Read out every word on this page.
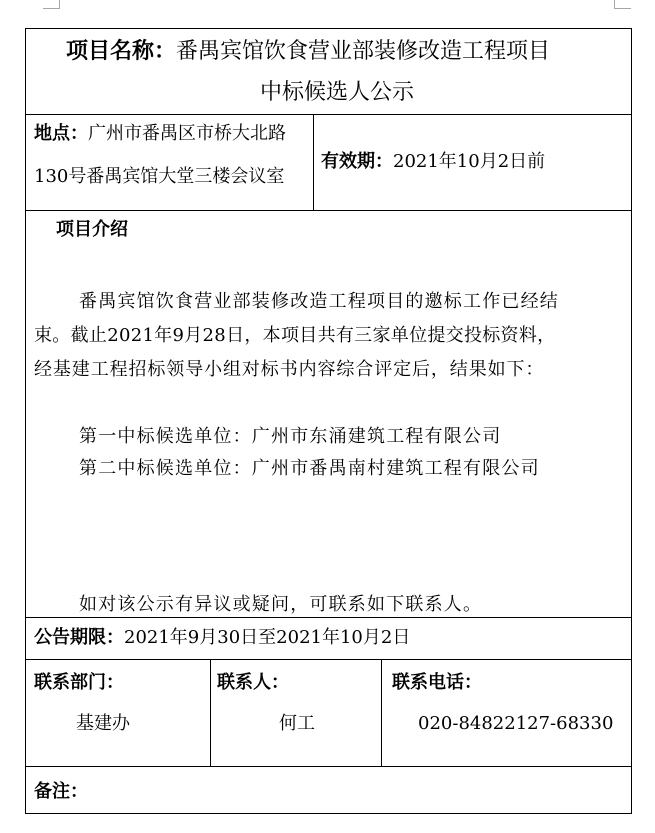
项目名称：番禺宾馆饮食营业部装修改造工程项目
中标候选人公示
地点：广州市番禺区市桥大北路
130号番禺宾馆大堂三楼会议室
有效期：2021年10月2日前
项目介绍
番禺宾馆饮食营业部装修改造工程项目的邀标工作已经结
束。截止2021年9月28日，本项目共有三家单位提交投标资料，
经基建工程招标领导小组对标书内容综合评定后，结果如下：
第一中标候选单位：广州市东涌建筑工程有限公司
第二中标候选单位：广州市番禺南村建筑工程有限公司
如对该公示有异议或疑问，可联系如下联系人。
公告期限：2021年9月30日至2021年10月2日
联系部门：
基建办
联系人：
何工
联系电话：
020-84822127-68330
备注：
